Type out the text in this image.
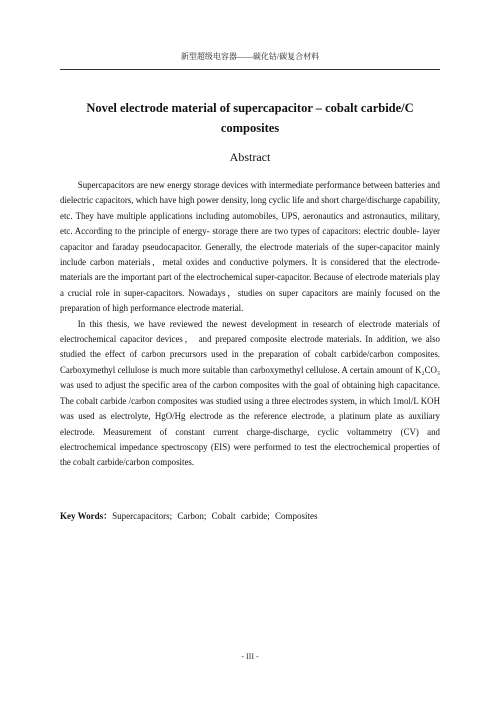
新型超级电容器——碳化钴/碳复合材料
Novel electrode material of supercapacitor – cobalt carbide/C composites
Abstract

Supercapacitors are new energy storage devices with intermediate performance between batteries and dielectric capacitors, which have high power density, long cyclic life and short charge/discharge capability, etc. They have multiple applications including automobiles, UPS, aeronautics and astronautics, military, etc. According to the principle of energy- storage there are two types of capacitors: electric double- layer capacitor and faraday pseudocapacitor. Generally, the electrode materials of the super-capacitor mainly include carbon materials，metal oxides and conductive polymers. It is considered that the electrode-materials are the important part of the electrochemical super-capacitor. Because of electrode materials play a crucial role in super-capacitors. Nowadays，studies on super capacitors are mainly focused on the preparation of high performance electrode material.

In this thesis, we have reviewed the newest development in research of electrode materials of electrochemical capacitor devices， and prepared composite electrode materials. In addition, we also studied the effect of carbon precursors used in the preparation of cobalt carbide/carbon composites. Carboxymethyl cellulose is much more suitable than carboxymethyl cellulose. A certain amount of K₂CO₃ was used to adjust the specific area of the carbon composites with the goal of obtaining high capacitance. The cobalt carbide /carbon composites was studied using a three electrodes system, in which 1mol/L KOH was used as electrolyte, HgO/Hg electrode as the reference electrode, a platinum plate as auxiliary electrode. Measurement of constant current charge-discharge, cyclic voltammetry (CV) and electrochemical impedance spectroscopy (EIS) were performed to test the electrochemical properties of the cobalt carbide/carbon composites.

Key Words：Supercapacitors; Carbon; Cobalt carbide; Composites
- III -
